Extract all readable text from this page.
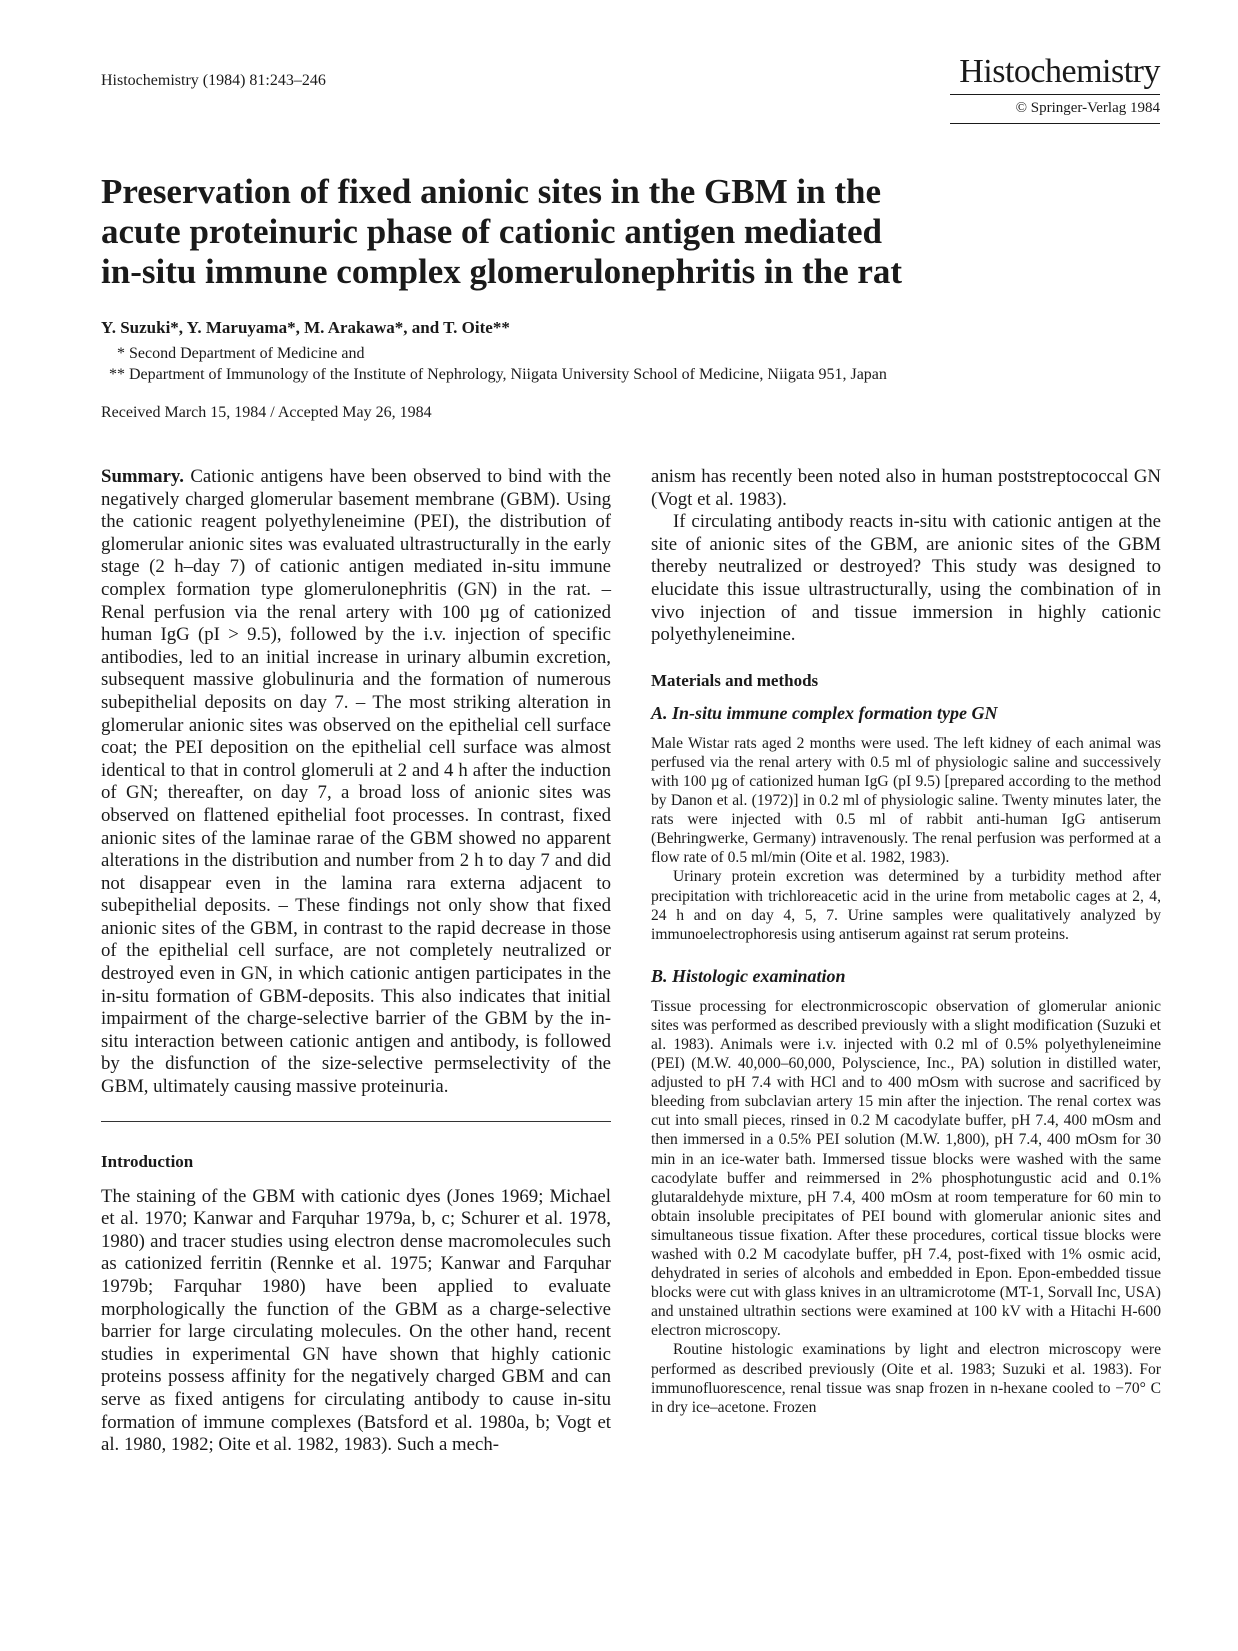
Histochemistry (1984) 81:243–246	Histochemistry
© Springer-Verlag 1984
Preservation of fixed anionic sites in the GBM in the
acute proteinuric phase of cationic antigen mediated
in-situ immune complex glomerulonephritis in the rat
Y. Suzuki*, Y. Maruyama*, M. Arakawa*, and T. Oite**
* Second Department of Medicine and
** Department of Immunology of the Institute of Nephrology, Niigata University School of Medicine, Niigata 951, Japan
Received March 15, 1984 / Accepted May 26, 1984

Summary. Cationic antigens have been observed to bind with the negatively charged glomerular basement membrane (GBM). Using the cationic reagent polyethyleneimine (PEI), the distribution of glomerular anionic sites was evaluated ultrastructurally in the early stage (2 h–day 7) of cationic antigen mediated in-situ immune complex formation type glomerulonephritis (GN) in the rat. – Renal perfusion via the renal artery with 100 µg of cationized human IgG (pI > 9.5), followed by the i.v. injection of specific antibodies, led to an initial increase in urinary albumin excretion, subsequent massive globulinuria and the formation of numerous subepithelial deposits on day 7. – The most striking alteration in glomerular anionic sites was observed on the epithelial cell surface coat; the PEI deposition on the epithelial cell surface was almost identical to that in control glomeruli at 2 and 4 h after the induction of GN; thereafter, on day 7, a broad loss of anionic sites was observed on flattened epithelial foot processes. In contrast, fixed anionic sites of the laminae rarae of the GBM showed no apparent alterations in the distribution and number from 2 h to day 7 and did not disappear even in the lamina rara externa adjacent to subepithelial deposits. – These findings not only show that fixed anionic sites of the GBM, in contrast to the rapid decrease in those of the epithelial cell surface, are not completely neutralized or destroyed even in GN, in which cationic antigen participates in the in-situ formation of GBM-deposits. This also indicates that initial impairment of the charge-selective barrier of the GBM by the in-situ interaction between cationic antigen and antibody, is followed by the disfunction of the size-selective permselectivity of the GBM, ultimately causing massive proteinuria.

Introduction

The staining of the GBM with cationic dyes (Jones 1969; Michael et al. 1970; Kanwar and Farquhar 1979a, b, c; Schurer et al. 1978, 1980) and tracer studies using electron dense macromolecules such as cationized ferritin (Rennke et al. 1975; Kanwar and Farquhar 1979b; Farquhar 1980) have been applied to evaluate morphologically the function of the GBM as a charge-selective barrier for large circulating molecules. On the other hand, recent studies in experimental GN have shown that highly cationic proteins possess affinity for the negatively charged GBM and can serve as fixed antigens for circulating antibody to cause in-situ formation of immune complexes (Batsford et al. 1980a, b; Vogt et al. 1980, 1982; Oite et al. 1982, 1983). Such a mech-

anism has recently been noted also in human poststreptococcal GN (Vogt et al. 1983).

If circulating antibody reacts in-situ with cationic antigen at the site of anionic sites of the GBM, are anionic sites of the GBM thereby neutralized or destroyed? This study was designed to elucidate this issue ultrastructurally, using the combination of in vivo injection of and tissue immersion in highly cationic polyethyleneimine.

Materials and methods
A. In-situ immune complex formation type GN

Male Wistar rats aged 2 months were used. The left kidney of each animal was perfused via the renal artery with 0.5 ml of physiologic saline and successively with 100 µg of cationized human IgG (pI 9.5) [prepared according to the method by Danon et al. (1972)] in 0.2 ml of physiologic saline. Twenty minutes later, the rats were injected with 0.5 ml of rabbit anti-human IgG antiserum (Behringwerke, Germany) intravenously. The renal perfusion was performed at a flow rate of 0.5 ml/min (Oite et al. 1982, 1983).

Urinary protein excretion was determined by a turbidity method after precipitation with trichloreacetic acid in the urine from metabolic cages at 2, 4, 24 h and on day 4, 5, 7. Urine samples were qualitatively analyzed by immunoelectrophoresis using antiserum against rat serum proteins.

B. Histologic examination

Tissue processing for electronmicroscopic observation of glomerular anionic sites was performed as described previously with a slight modification (Suzuki et al. 1983). Animals were i.v. injected with 0.2 ml of 0.5% polyethyleneimine (PEI) (M.W. 40,000–60,000, Polyscience, Inc., PA) solution in distilled water, adjusted to pH 7.4 with HCl and to 400 mOsm with sucrose and sacrificed by bleeding from subclavian artery 15 min after the injection. The renal cortex was cut into small pieces, rinsed in 0.2 M cacodylate buffer, pH 7.4, 400 mOsm and then immersed in a 0.5% PEI solution (M.W. 1,800), pH 7.4, 400 mOsm for 30 min in an ice-water bath. Immersed tissue blocks were washed with the same cacodylate buffer and reimmersed in 2% phosphotungustic acid and 0.1% glutaraldehyde mixture, pH 7.4, 400 mOsm at room temperature for 60 min to obtain insoluble precipitates of PEI bound with glomerular anionic sites and simultaneous tissue fixation. After these procedures, cortical tissue blocks were washed with 0.2 M cacodylate buffer, pH 7.4, post-fixed with 1% osmic acid, dehydrated in series of alcohols and embedded in Epon. Epon-embedded tissue blocks were cut with glass knives in an ultramicrotome (MT-1, Sorvall Inc, USA) and unstained ultrathin sections were examined at 100 kV with a Hitachi H-600 electron microscopy.

Routine histologic examinations by light and electron microscopy were performed as described previously (Oite et al. 1983; Suzuki et al. 1983). For immunofluorescence, renal tissue was snap frozen in n-hexane cooled to −70° C in dry ice–acetone. Frozen
